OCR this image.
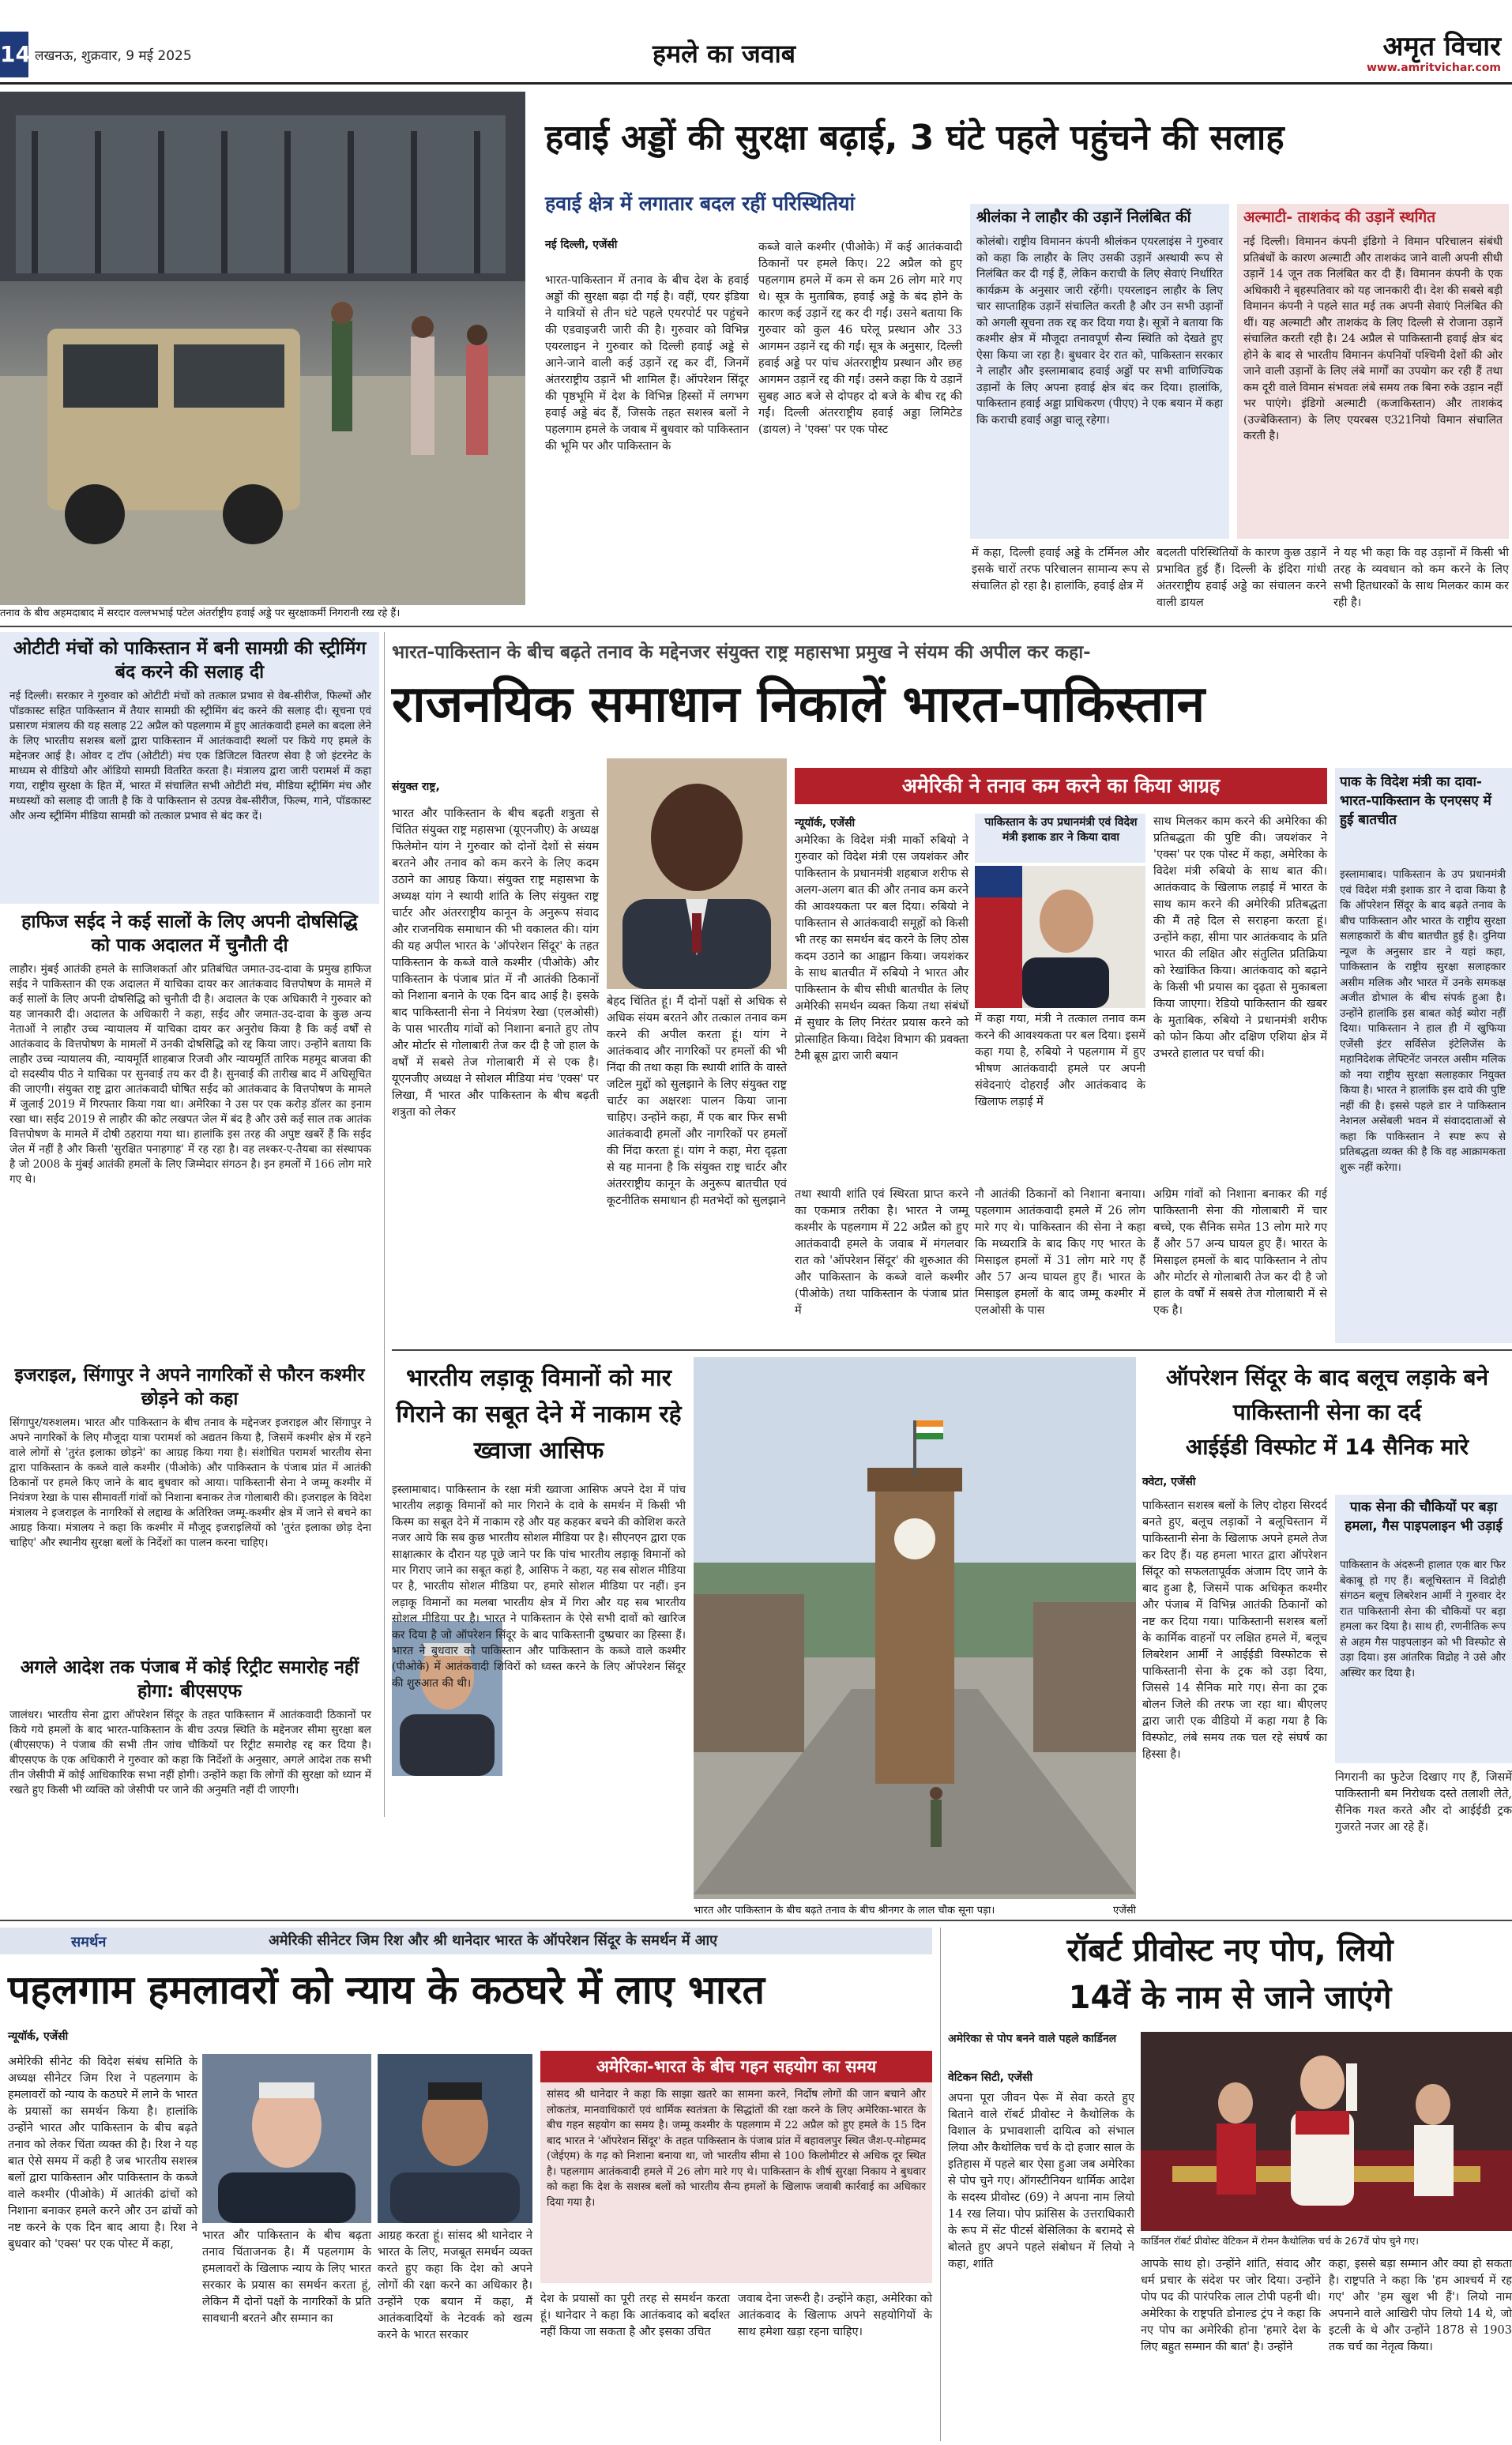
14 लखनऊ, शुक्रवार, 9 मई 2025	हमले का जवाब	अमृत विचार
www.amritvichar.com
तनाव के बीच अहमदाबाद में सरदार वल्लभभाई पटेल अंतर्राष्ट्रीय हवाई अड्डे पर सुरक्षाकर्मी निगरानी रख रहे हैं।
हवाई अड्डों की सुरक्षा बढ़ाई, 3 घंटे पहले पहुंचने की सलाह
हवाई क्षेत्र में लगातार बदल रहीं परिस्थितियां
नई दिल्ली, एजेंसी
भारत-पाकिस्तान में तनाव के बीच देश के हवाई अड्डों की सुरक्षा बढ़ा दी गई है। वहीं, एयर इंडिया ने यात्रियों से तीन घंटे पहले एयरपोर्ट पर पहुंचने की एडवाइजरी जारी की है। गुरुवार को विभिन्न एयरलाइन ने गुरुवार को दिल्ली हवाई अड्डे से आने-जाने वाली कई उड़ानें रद्द कर दीं, जिनमें अंतरराष्ट्रीय उड़ानें भी शामिल हैं। ऑपरेशन सिंदूर की पृष्ठभूमि में देश के विभिन्न हिस्सों में लगभग हवाई अड्डे बंद हैं, जिसके तहत सशस्त्र बलों ने पहलगाम हमले के जवाब में बुधवार को पाकिस्तान की भूमि पर और पाकिस्तान के
कब्जे वाले कश्मीर (पीओके) में कई आतंकवादी ठिकानों पर हमले किए। 22 अप्रैल को हुए पहलगाम हमले में कम से कम 26 लोग मारे गए थे। सूत्र के मुताबिक, हवाई अड्डे के बंद होने के कारण कई उड़ानें रद्द कर दी गईं। उसने बताया कि गुरुवार को कुल 46 घरेलू प्रस्थान और 33 आगमन उड़ानें रद्द की गईं। सूत्र के अनुसार, दिल्ली हवाई अड्डे पर पांच अंतरराष्ट्रीय प्रस्थान और छह आगमन उड़ानें रद्द की गईं। उसने कहा कि ये उड़ानें सुबह आठ बजे से दोपहर दो बजे के बीच रद्द की गईं। दिल्ली अंतरराष्ट्रीय हवाई अड्डा लिमिटेड (डायल) ने 'एक्स' पर एक पोस्ट
में कहा, दिल्ली हवाई अड्डे के टर्मिनल और इसके चारों तरफ परिचालन सामान्य रूप से संचालित हो रहा है। हालांकि, हवाई क्षेत्र में
बदलती परिस्थितियों के कारण कुछ उड़ानें प्रभावित हुई हैं। दिल्ली के इंदिरा गांधी अंतरराष्ट्रीय हवाई अड्डे का संचालन करने वाली डायल
ने यह भी कहा कि वह उड़ानों में किसी भी तरह के व्यवधान को कम करने के लिए सभी हितधारकों के साथ मिलकर काम कर रही है।
श्रीलंका ने लाहौर की उड़ानें निलंबित कीं
कोलंबो। राष्ट्रीय विमानन कंपनी श्रीलंकन एयरलाइंस ने गुरुवार को कहा कि लाहौर के लिए उसकी उड़ानें अस्थायी रूप से निलंबित कर दी गई हैं, लेकिन कराची के लिए सेवाएं निर्धारित कार्यक्रम के अनुसार जारी रहेंगी। एयरलाइन लाहौर के लिए चार साप्ताहिक उड़ानें संचालित करती है और उन सभी उड़ानों को अगली सूचना तक रद्द कर दिया गया है। सूत्रों ने बताया कि कश्मीर क्षेत्र में मौजूदा तनावपूर्ण सैन्य स्थिति को देखते हुए ऐसा किया जा रहा है। बुधवार देर रात को, पाकिस्तान सरकार ने लाहौर और इस्लामाबाद हवाई अड्डों पर सभी वाणिज्यिक उड़ानों के लिए अपना हवाई क्षेत्र बंद कर दिया। हालांकि, पाकिस्तान हवाई अड्डा प्राधिकरण (पीएए) ने एक बयान में कहा कि कराची हवाई अड्डा चालू रहेगा।
अल्माटी- ताशकंद की उड़ानें स्थगित
नई दिल्ली। विमानन कंपनी इंडिगो ने विमान परिचालन संबंधी प्रतिबंधों के कारण अल्माटी और ताशकंद जाने वाली अपनी सीधी उड़ानें 14 जून तक निलंबित कर दी हैं। विमानन कंपनी के एक अधिकारी ने बृहस्पतिवार को यह जानकारी दी। देश की सबसे बड़ी विमानन कंपनी ने पहले सात मई तक अपनी सेवाएं निलंबित की थीं। यह अल्माटी और ताशकंद के लिए दिल्ली से रोजाना उड़ानें संचालित करती रही है। 24 अप्रैल से पाकिस्तानी हवाई क्षेत्र बंद होने के बाद से भारतीय विमानन कंपनियों पश्चिमी देशों की ओर जाने वाली उड़ानों के लिए लंबे मार्गों का उपयोग कर रही हैं तथा कम दूरी वाले विमान संभवतः लंबे समय तक बिना रुके उड़ान नहीं भर पाएंगे। इंडिगो अल्माटी (कजाकिस्तान) और ताशकंद (उज्बेकिस्तान) के लिए एयरबस ए321नियो विमान संचालित करती है।
ओटीटी मंचों को पाकिस्तान में बनी सामग्री की स्ट्रीमिंग बंद करने की सलाह दी
नई दिल्ली। सरकार ने गुरुवार को ओटीटी मंचों को तत्काल प्रभाव से वेब-सीरीज, फिल्मों और पॉडकास्ट सहित पाकिस्तान में तैयार सामग्री की स्ट्रीमिंग बंद करने की सलाह दी। सूचना एवं प्रसारण मंत्रालय की यह सलाह 22 अप्रैल को पहलगाम में हुए आतंकवादी हमले का बदला लेने के लिए भारतीय सशस्त्र बलों द्वारा पाकिस्तान में आतंकवादी स्थलों पर किये गए हमले के मद्देनजर आई है। ओवर द टॉप (ओटीटी) मंच एक डिजिटल वितरण सेवा है जो इंटरनेट के माध्यम से वीडियो और ऑडियो सामग्री वितरित करता है। मंत्रालय द्वारा जारी परामर्श में कहा गया, राष्ट्रीय सुरक्षा के हित में, भारत में संचालित सभी ओटीटी मंच, मीडिया स्ट्रीमिंग मंच और मध्यस्थों को सलाह दी जाती है कि वे पाकिस्तान से उत्पन्न वेब-सीरीज, फिल्म, गाने, पॉडकास्ट और अन्य स्ट्रीमिंग मीडिया सामग्री को तत्काल प्रभाव से बंद कर दें।
हाफिज सईद ने कई सालों के लिए अपनी दोषसिद्धि को पाक अदालत में चुनौती दी
लाहौर। मुंबई आतंकी हमले के साजिशकर्ता और प्रतिबंधित जमात-उद-दावा के प्रमुख हाफिज सईद ने पाकिस्तान की एक अदालत में याचिका दायर कर आतंकवाद वित्तपोषण के मामले में कई सालों के लिए अपनी दोषसिद्धि को चुनौती दी है। अदालत के एक अधिकारी ने गुरुवार को यह जानकारी दी। अदालत के अधिकारी ने कहा, सईद और जमात-उद-दावा के कुछ अन्य नेताओं ने लाहौर उच्च न्यायालय में याचिका दायर कर अनुरोध किया है कि कई वर्षों से आतंकवाद के वित्तपोषण के मामलों में उनकी दोषसिद्धि को रद्द किया जाए। उन्होंने बताया कि लाहौर उच्च न्यायालय की, न्यायमूर्ति शाहबाज रिजवी और न्यायमूर्ति तारिक महमूद बाजवा की दो सदस्यीय पीठ ने याचिका पर सुनवाई तय कर दी है। सुनवाई की तारीख बाद में अधिसूचित की जाएगी। संयुक्त राष्ट्र द्वारा आतंकवादी घोषित सईद को आतंकवाद के वित्तपोषण के मामले में जुलाई 2019 में गिरफ्तार किया गया था। अमेरिका ने उस पर एक करोड़ डॉलर का इनाम रखा था। सईद 2019 से लाहौर की कोट लखपत जेल में बंद है और उसे कई साल तक आतंक वित्तपोषण के मामले में दोषी ठहराया गया था। हालांकि इस तरह की अपुष्ट खबरें हैं कि सईद जेल में नहीं है और किसी 'सुरक्षित पनाहगाह' में रह रहा है। वह लश्कर-ए-तैयबा का संस्थापक है जो 2008 के मुंबई आतंकी हमलों के लिए जिम्मेदार संगठन है। इन हमलों में 166 लोग मारे गए थे।
इजराइल, सिंगापुर ने अपने नागरिकों से फौरन कश्मीर छोड़ने को कहा
सिंगापुर/यरुशलम। भारत और पाकिस्तान के बीच तनाव के मद्देनजर इजराइल और सिंगापुर ने अपने नागरिकों के लिए मौजूदा यात्रा परामर्श को अद्यतन किया है, जिसमें कश्मीर क्षेत्र में रहने वाले लोगों से 'तुरंत इलाका छोड़ने' का आग्रह किया गया है। संशोधित परामर्श भारतीय सेना द्वारा पाकिस्तान के कब्जे वाले कश्मीर (पीओके) और पाकिस्तान के पंजाब प्रांत में आतंकी ठिकानों पर हमले किए जाने के बाद बुधवार को आया। पाकिस्तानी सेना ने जम्मू कश्मीर में नियंत्रण रेखा के पास सीमावर्ती गांवों को निशाना बनाकर तेज गोलाबारी की। इजराइल के विदेश मंत्रालय ने इजराइल के नागरिकों से लद्दाख के अतिरिक्त जम्मू-कश्मीर क्षेत्र में जाने से बचने का आग्रह किया। मंत्रालय ने कहा कि कश्मीर में मौजूद इजराइलियों को 'तुरंत इलाका छोड़ देना चाहिए' और स्थानीय सुरक्षा बलों के निर्देशों का पालन करना चाहिए।
अगले आदेश तक पंजाब में कोई रिट्रीट समारोह नहीं होगा: बीएसएफ
जालंधर। भारतीय सेना द्वारा ऑपरेशन सिंदूर के तहत पाकिस्तान में आतंकवादी ठिकानों पर किये गये हमलों के बाद भारत-पाकिस्तान के बीच उत्पन्न स्थिति के मद्देनजर सीमा सुरक्षा बल (बीएसएफ) ने पंजाब की सभी तीन जांच चौकियों पर रिट्रीट समारोह रद्द कर दिया है। बीएसएफ के एक अधिकारी ने गुरुवार को कहा कि निर्देशों के अनुसार, अगले आदेश तक सभी तीन जेसीपी में कोई आधिकारिक सभा नहीं होगी। उन्होंने कहा कि लोगों की सुरक्षा को ध्यान में रखते हुए किसी भी व्यक्ति को जेसीपी पर जाने की अनुमति नहीं दी जाएगी।
भारत-पाकिस्तान के बीच बढ़ते तनाव के मद्देनजर संयुक्त राष्ट्र महासभा प्रमुख ने संयम की अपील कर कहा-
राजनयिक समाधान निकालें भारत-पाकिस्तान
संयुक्त राष्ट्र,
भारत और पाकिस्तान के बीच बढ़ती शत्रुता से चिंतित संयुक्त राष्ट्र महासभा (यूएनजीए) के अध्यक्ष फिलेमोन यांग ने गुरुवार को दोनों देशों से संयम बरतने और तनाव को कम करने के लिए कदम उठाने का आग्रह किया। संयुक्त राष्ट्र महासभा के अध्यक्ष यांग ने स्थायी शांति के लिए संयुक्त राष्ट्र चार्टर और अंतरराष्ट्रीय कानून के अनुरूप संवाद और राजनयिक समाधान की भी वकालत की। यांग की यह अपील भारत के 'ऑपरेशन सिंदूर' के तहत पाकिस्तान के कब्जे वाले कश्मीर (पीओके) और पाकिस्तान के पंजाब प्रांत में नौ आतंकी ठिकानों को निशाना बनाने के एक दिन बाद आई है। इसके बाद पाकिस्तानी सेना ने नियंत्रण रेखा (एलओसी) के पास भारतीय गांवों को निशाना बनाते हुए तोप और मोर्टार से गोलाबारी तेज कर दी है जो हाल के वर्षों में सबसे तेज गोलाबारी में से एक है। यूएनजीए अध्यक्ष ने सोशल मीडिया मंच 'एक्स' पर लिखा, मैं भारत और पाकिस्तान के बीच बढ़ती शत्रुता को लेकर
बेहद चिंतित हूं। मैं दोनों पक्षों से अधिक से अधिक संयम बरतने और तत्काल तनाव कम करने की अपील करता हूं। यांग ने आतंकवाद और नागरिकों पर हमलों की भी निंदा की तथा कहा कि स्थायी शांति के वास्ते जटिल मुद्दों को सुलझाने के लिए संयुक्त राष्ट्र चार्टर का अक्षरशः पालन किया जाना चाहिए। उन्होंने कहा, मैं एक बार फिर सभी आतंकवादी हमलों और नागरिकों पर हमलों की निंदा करता हूं। यांग ने कहा, मेरा दृढ़ता से यह मानना है कि संयुक्त राष्ट्र चार्टर और अंतरराष्ट्रीय कानून के अनुरूप बातचीत एवं कूटनीतिक समाधान ही मतभेदों को सुलझाने तथा स्थायी शांति एवं स्थिरता प्राप्त करने का एकमात्र तरीका है। भारत ने जम्मू कश्मीर के पहलगाम में 22 अप्रैल को हुए आतंकवादी हमले के जवाब में मंगलवार रात को 'ऑपरेशन सिंदूर' की शुरुआत की और पाकिस्तान के कब्जे वाले कश्मीर (पीओके) तथा पाकिस्तान के पंजाब प्रांत में
नौ आतंकी ठिकानों को निशाना बनाया। पहलगाम आतंकवादी हमले में 26 लोग मारे गए थे। पाकिस्तान की सेना ने कहा कि मध्यरात्रि के बाद किए गए भारत के मिसाइल हमलों में 31 लोग मारे गए हैं और 57 अन्य घायल हुए हैं। भारत के मिसाइल हमलों के बाद जम्मू कश्मीर में एलओसी के पास
अग्रिम गांवों को निशाना बनाकर की गई पाकिस्तानी सेना की गोलाबारी में चार बच्चे, एक सैनिक समेत 13 लोग मारे गए हैं और 57 अन्य घायल हुए हैं। भारत के मिसाइल हमलों के बाद पाकिस्तान ने तोप और मोर्टार से गोलाबारी तेज कर दी है जो हाल के वर्षों में सबसे तेज गोलाबारी में से एक है।
अमेरिकी ने तनाव कम करने का किया आग्रह
न्यूयॉर्क, एजेंसी
अमेरिका के विदेश मंत्री मार्को रुबियो ने गुरुवार को विदेश मंत्री एस जयशंकर और पाकिस्तान के प्रधानमंत्री शहबाज शरीफ से अलग-अलग बात की और तनाव कम करने की आवश्यकता पर बल दिया। रुबियो ने पाकिस्तान से आतंकवादी समूहों को किसी भी तरह का समर्थन बंद करने के लिए ठोस कदम उठाने का आह्वान किया। जयशंकर के साथ बातचीत में रुबियो ने भारत और पाकिस्तान के बीच सीधी बातचीत के लिए अमेरिकी समर्थन व्यक्त किया तथा संबंधों में सुधार के लिए निरंतर प्रयास करने को प्रोत्साहित किया। विदेश विभाग की प्रवक्ता टैमी ब्रूस द्वारा जारी बयान
पाकिस्तान के उप प्रधानमंत्री एवं विदेश मंत्री इशाक डार ने किया दावा
में कहा गया, मंत्री ने तत्काल तनाव कम करने की आवश्यकता पर बल दिया। इसमें कहा गया है, रुबियो ने पहलगाम में हुए भीषण आतंकवादी हमले पर अपनी संवेदनाएं दोहराईं और आतंकवाद के खिलाफ लड़ाई में
साथ मिलकर काम करने की अमेरिका की प्रतिबद्धता की पुष्टि की। जयशंकर ने 'एक्स' पर एक पोस्ट में कहा, अमेरिका के विदेश मंत्री रुबियो के साथ बात की। आतंकवाद के खिलाफ लड़ाई में भारत के साथ काम करने की अमेरिकी प्रतिबद्धता की मैं तहे दिल से सराहना करता हूं। उन्होंने कहा, सीमा पार आतंकवाद के प्रति भारत की लक्षित और संतुलित प्रतिक्रिया को रेखांकित किया। आतंकवाद को बढ़ाने के किसी भी प्रयास का दृढ़ता से मुकाबला किया जाएगा। रेडियो पाकिस्तान की खबर के मुताबिक, रुबियो ने प्रधानमंत्री शरीफ को फोन किया और दक्षिण एशिया क्षेत्र में उभरते हालात पर चर्चा की।
पाक के विदेश मंत्री का दावा- भारत-पाकिस्तान के एनएसए में हुई बातचीत
इस्लामाबाद। पाकिस्तान के उप प्रधानमंत्री एवं विदेश मंत्री इशाक डार ने दावा किया है कि ऑपरेशन सिंदूर के बाद बढ़ते तनाव के बीच पाकिस्तान और भारत के राष्ट्रीय सुरक्षा सलाहकारों के बीच बातचीत हुई है। दुनिया न्यूज के अनुसार डार ने यहां कहा, पाकिस्तान के राष्ट्रीय सुरक्षा सलाहकार असीम मलिक और भारत में उनके समकक्ष अजीत डोभाल के बीच संपर्क हुआ है। उन्होंने हालांकि इस बाबत कोई ब्योरा नहीं दिया। पाकिस्तान ने हाल ही में खुफिया एजेंसी इंटर सर्विसेज इंटेलिजेंस के महानिदेशक लेफ्टिनेंट जनरल असीम मलिक को नया राष्ट्रीय सुरक्षा सलाहकार नियुक्त किया है। भारत ने हालांकि इस दावे की पुष्टि नहीं की है। इससे पहले डार ने पाकिस्तान नेशनल असेंबली भवन में संवाददाताओं से कहा कि पाकिस्तान ने स्पष्ट रूप से प्रतिबद्धता व्यक्त की है कि वह आक्रामकता शुरू नहीं करेगा।
भारतीय लड़ाकू विमानों को मार गिराने का सबूत देने में नाकाम रहे ख्वाजा आसिफ
इस्लामाबाद। पाकिस्तान के रक्षा मंत्री ख्वाजा आसिफ अपने देश में पांच भारतीय लड़ाकू विमानों को मार गिराने के दावे के समर्थन में किसी भी किस्म का सबूत देने में नाकाम रहे और यह कहकर बचने की कोशिश करते नजर आये कि सब कुछ भारतीय सोशल मीडिया पर है। सीएनएन द्वारा एक साक्षात्कार के दौरान यह पूछे जाने पर कि पांच भारतीय लड़ाकू विमानों को मार गिराए जाने का सबूत कहां है, आसिफ ने कहा, यह सब सोशल मीडिया पर है, भारतीय सोशल मीडिया पर, हमारे सोशल मीडिया पर नहीं। इन लड़ाकू विमानों का मलबा भारतीय क्षेत्र में गिरा और यह सब भारतीय सोशल मीडिया पर है। भारत ने पाकिस्तान के ऐसे सभी दावों को खारिज कर दिया है जो ऑपरेशन सिंदूर के बाद पाकिस्तानी दुष्प्रचार का हिस्सा हैं। भारत ने बुधवार को पाकिस्तान और पाकिस्तान के कब्जे वाले कश्मीर (पीओके) में आतंकवादी शिविरों को ध्वस्त करने के लिए ऑपरेशन सिंदूर की शुरुआत की थी।
भारत और पाकिस्तान के बीच बढ़ते तनाव के बीच श्रीनगर के लाल चौक सूना पड़ा।	एजेंसी
ऑपरेशन सिंदूर के बाद बलूच लड़ाके बने पाकिस्तानी सेना का दर्द
आईईडी विस्फोट में 14 सैनिक मारे
क्वेटा, एजेंसी
पाकिस्तान सशस्त्र बलों के लिए दोहरा सिरदर्द बनते हुए, बलूच लड़ाकों ने बलूचिस्तान में पाकिस्तानी सेना के खिलाफ अपने हमले तेज कर दिए हैं। यह हमला भारत द्वारा ऑपरेशन सिंदूर को सफलतापूर्वक अंजाम दिए जाने के बाद हुआ है, जिसमें पाक अधिकृत कश्मीर और पंजाब में विभिन्न आतंकी ठिकानों को नष्ट कर दिया गया। पाकिस्तानी सशस्त्र बलों के कार्मिक वाहनों पर लक्षित हमले में, बलूच लिबरेशन आर्मी ने आईईडी विस्फोटक से पाकिस्तानी सेना के ट्रक को उड़ा दिया, जिससे 14 सैनिक मारे गए। सेना का ट्रक बोलन जिले की तरफ जा रहा था। बीएलए द्वारा जारी एक वीडियो में कहा गया है कि विस्फोट, लंबे समय तक चल रहे संघर्ष का हिस्सा है।
पाक सेना की चौकियों पर बड़ा हमला, गैस पाइपलाइन भी उड़ाई
पाकिस्तान के अंदरूनी हालात एक बार फिर बेकाबू हो गए हैं। बलूचिस्तान में विद्रोही संगठन बलूच लिबरेशन आर्मी ने गुरुवार देर रात पाकिस्तानी सेना की चौकियों पर बड़ा हमला कर दिया है। साथ ही, रणनीतिक रूप से अहम गैस पाइपलाइन को भी विस्फोट से उड़ा दिया। इस आंतरिक विद्रोह ने उसे और अस्थिर कर दिया है।
निगरानी का फुटेज दिखाए गए हैं, जिसमें पाकिस्तानी बम निरोधक दस्ते तलाशी लेते, सैनिक गश्त करते और दो आईईडी ट्रक गुजरते नजर आ रहे हैं।
समर्थन	अमेरिकी सीनेटर जिम रिश और श्री थानेदार भारत के ऑपरेशन सिंदूर के समर्थन में आए
पहलगाम हमलावरों को न्याय के कठघरे में लाए भारत
न्यूयॉर्क, एजेंसी
अमेरिकी सीनेट की विदेश संबंध समिति के अध्यक्ष सीनेटर जिम रिश ने पहलगाम के हमलावरों को न्याय के कठघरे में लाने के भारत के प्रयासों का समर्थन किया है। हालांकि उन्होंने भारत और पाकिस्तान के बीच बढ़ते तनाव को लेकर चिंता व्यक्त की है। रिश ने यह बात ऐसे समय में कही है जब भारतीय सशस्त्र बलों द्वारा पाकिस्तान और पाकिस्तान के कब्जे वाले कश्मीर (पीओके) में आतंकी ढांचों को निशाना बनाकर हमले करने और उन ढांचों को नष्ट करने के एक दिन बाद आया है। रिश ने बुधवार को 'एक्स' पर एक पोस्ट में कहा,
भारत और पाकिस्तान के बीच बढ़ता तनाव चिंताजनक है। मैं पहलगाम के हमलावरों के खिलाफ न्याय के लिए भारत सरकार के प्रयास का समर्थन करता हूं, लेकिन मैं दोनों पक्षों के नागरिकों के प्रति सावधानी बरतने और सम्मान का
आग्रह करता हूं। सांसद श्री थानेदार ने भारत के लिए, मजबूत समर्थन व्यक्त करते हुए कहा कि देश को अपने लोगों की रक्षा करने का अधिकार है। उन्होंने एक बयान में कहा, मैं आतंकवादियों के नेटवर्क को खत्म करने के भारत सरकार
अमेरिका-भारत के बीच गहन सहयोग का समय
सांसद श्री थानेदार ने कहा कि साझा खतरे का सामना करने, निर्दोष लोगों की जान बचाने और लोकतंत्र, मानवाधिकारों एवं धार्मिक स्वतंत्रता के सिद्धांतों की रक्षा करने के लिए अमेरिका-भारत के बीच गहन सहयोग का समय है। जम्मू कश्मीर के पहलगाम में 22 अप्रैल को हुए हमले के 15 दिन बाद भारत ने 'ऑपरेशन सिंदूर' के तहत पाकिस्तान के पंजाब प्रांत में बहावलपुर स्थित जैश-ए-मोहम्मद (जेईएम) के गढ़ को निशाना बनाया था, जो भारतीय सीमा से 100 किलोमीटर से अधिक दूर स्थित है। पहलगाम आतंकवादी हमले में 26 लोग मारे गए थे। पाकिस्तान के शीर्ष सुरक्षा निकाय ने बुधवार को कहा कि देश के सशस्त्र बलों को भारतीय सैन्य हमलों के खिलाफ जवाबी कार्रवाई का अधिकार दिया गया है।
देश के प्रयासों का पूरी तरह से समर्थन करता हूं। थानेदार ने कहा कि आतंकवाद को बर्दाश्त नहीं किया जा सकता है और इसका उचित
जवाब देना जरूरी है। उन्होंने कहा, अमेरिका को आतंकवाद के खिलाफ अपने सहयोगियों के साथ हमेशा खड़ा रहना चाहिए।
रॉबर्ट प्रीवोस्ट नए पोप, लियो
14वें के नाम से जाने जाएंगे
अमेरिका से पोप बनने वाले पहले कार्डिनल
वेटिकन सिटी, एजेंसी
अपना पूरा जीवन पेरू में सेवा करते हुए बिताने वाले रॉबर्ट प्रीवोस्ट ने कैथोलिक के विशाल के प्रभावशाली दायित्व को संभाल लिया और कैथोलिक चर्च के दो हजार साल के इतिहास में पहले बार ऐसा हुआ जब अमेरिका से पोप चुने गए। ऑगस्टीनियन धार्मिक आदेश के सदस्य प्रीवोस्ट (69) ने अपना नाम लियो 14 रख लिया। पोप फ्रांसिस के उत्तराधिकारी के रूप में सेंट पीटर्स बेसिलिका के बरामदे से बोलते हुए अपने पहले संबोधन में लियो ने कहा, शांति
कार्डिनल रॉबर्ट प्रीवोस्ट वेटिकन में रोमन कैथोलिक चर्च के 267वें पोप चुने गए।
आपके साथ हो। उन्होंने शांति, संवाद और धर्म प्रचार के संदेश पर जोर दिया। उन्होंने पोप पद की पारंपरिक लाल टोपी पहनी थी। अमेरिका के राष्ट्रपति डोनाल्ड ट्रंप ने कहा कि नए पोप का अमेरिकी होना 'हमारे देश के लिए बहुत सम्मान की बात' है। उन्होंने
कहा, इससे बड़ा सम्मान और क्या हो सकता है। राष्ट्रपति ने कहा कि 'हम आश्चर्य में रह गए' और 'हम खुश भी हैं'। लियो नाम अपनाने वाले आखिरी पोप लियो 14 थे, जो इटली के थे और उन्होंने 1878 से 1903 तक चर्च का नेतृत्व किया।
